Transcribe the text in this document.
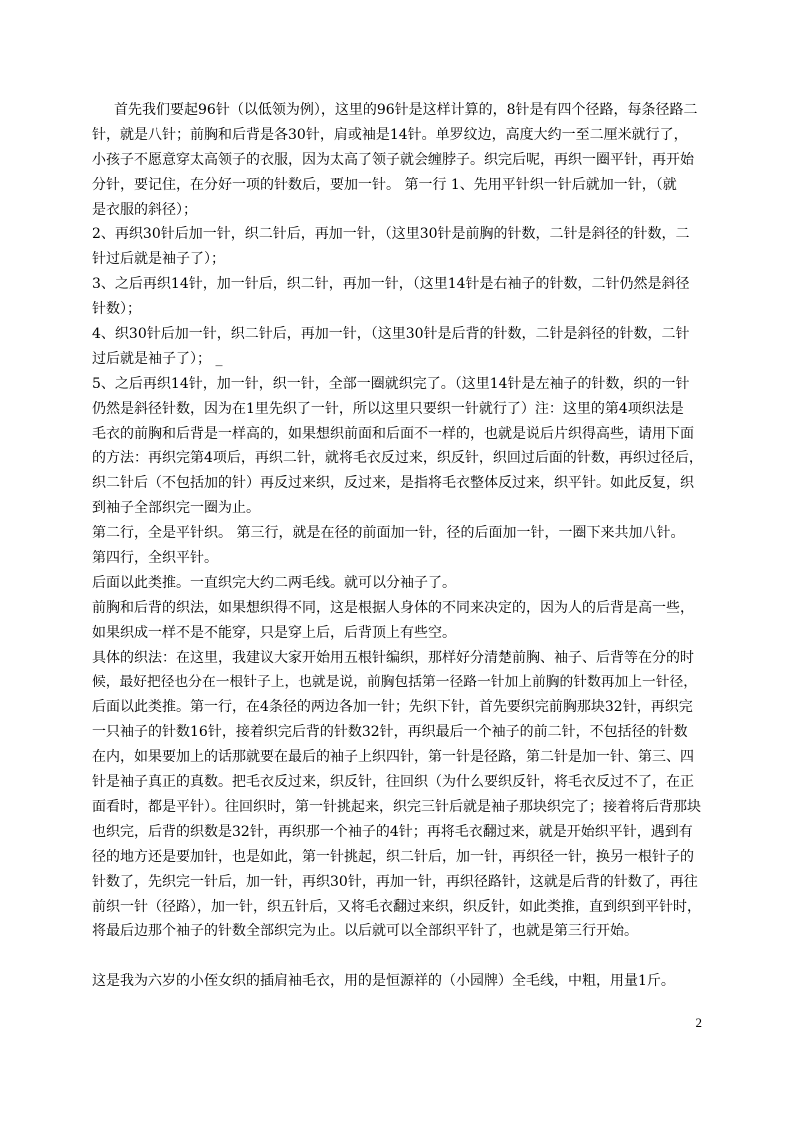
首先我们要起96针（以低领为例），这里的96针是这样计算的，8针是有四个径路，每条径路二
针，就是八针；前胸和后背是各30针，肩或袖是14针。单罗纹边，高度大约一至二厘米就行了，
小孩子不愿意穿太高领子的衣服，因为太高了领子就会缠脖子。织完后呢，再织一圈平针，再开始
分针，要记住，在分好一项的针数后，要加一针。 第一行 1、先用平针织一针后就加一针，（就
是衣服的斜径）；
2、再织30针后加一针，织二针后，再加一针，（这里30针是前胸的针数，二针是斜径的针数，二
针过后就是袖子了）；
3、之后再织14针，加一针后，织二针，再加一针，（这里14针是右袖子的针数，二针仍然是斜径
针数）；
4、织30针后加一针，织二针后，再加一针，（这里30针是后背的针数，二针是斜径的针数，二针
过后就是袖子了）； _
5、之后再织14针，加一针，织一针，全部一圈就织完了。（这里14针是左袖子的针数，织的一针
仍然是斜径针数，因为在1里先织了一针，所以这里只要织一针就行了）注：这里的第4项织法是
毛衣的前胸和后背是一样高的，如果想织前面和后面不一样的，也就是说后片织得高些，请用下面
的方法：再织完第4项后，再织二针，就将毛衣反过来，织反针，织回过后面的针数，再织过径后，
织二针后（不包括加的针）再反过来织，反过来，是指将毛衣整体反过来，织平针。如此反复，织
到袖子全部织完一圈为止。
第二行，全是平针织。 第三行，就是在径的前面加一针，径的后面加一针，一圈下来共加八针。
第四行，全织平针。
后面以此类推。一直织完大约二两毛线。就可以分袖子了。
前胸和后背的织法，如果想织得不同，这是根据人身体的不同来决定的，因为人的后背是高一些，
如果织成一样不是不能穿，只是穿上后，后背顶上有些空。
具体的织法：在这里，我建议大家开始用五根针编织，那样好分清楚前胸、袖子、后背等在分的时
候，最好把径也分在一根针子上，也就是说，前胸包括第一径路一针加上前胸的针数再加上一针径，
后面以此类推。第一行，在4条径的两边各加一针；先织下针，首先要织完前胸那块32针，再织完
一只袖子的针数16针，接着织完后背的针数32针，再织最后一个袖子的前二针，不包括径的针数
在内，如果要加上的话那就要在最后的袖子上织四针，第一针是径路，第二针是加一针、第三、四
针是袖子真正的真数。把毛衣反过来，织反针，往回织（为什么要织反针，将毛衣反过不了，在正
面看时，都是平针）。往回织时，第一针挑起来，织完三针后就是袖子那块织完了；接着将后背那块
也织完，后背的织数是32针，再织那一个袖子的4针；再将毛衣翻过来，就是开始织平针，遇到有
径的地方还是要加针，也是如此，第一针挑起，织二针后，加一针，再织径一针，换另一根针子的
针数了，先织完一针后，加一针，再织30针，再加一针，再织径路针，这就是后背的针数了，再往
前织一针（径路），加一针，织五针后，又将毛衣翻过来织，织反针，如此类推，直到织到平针时，
将最后边那个袖子的针数全部织完为止。以后就可以全部织平针了，也就是第三行开始。
这是我为六岁的小侄女织的插肩袖毛衣，用的是恒源祥的（小园牌）全毛线，中粗，用量1斤。
2
